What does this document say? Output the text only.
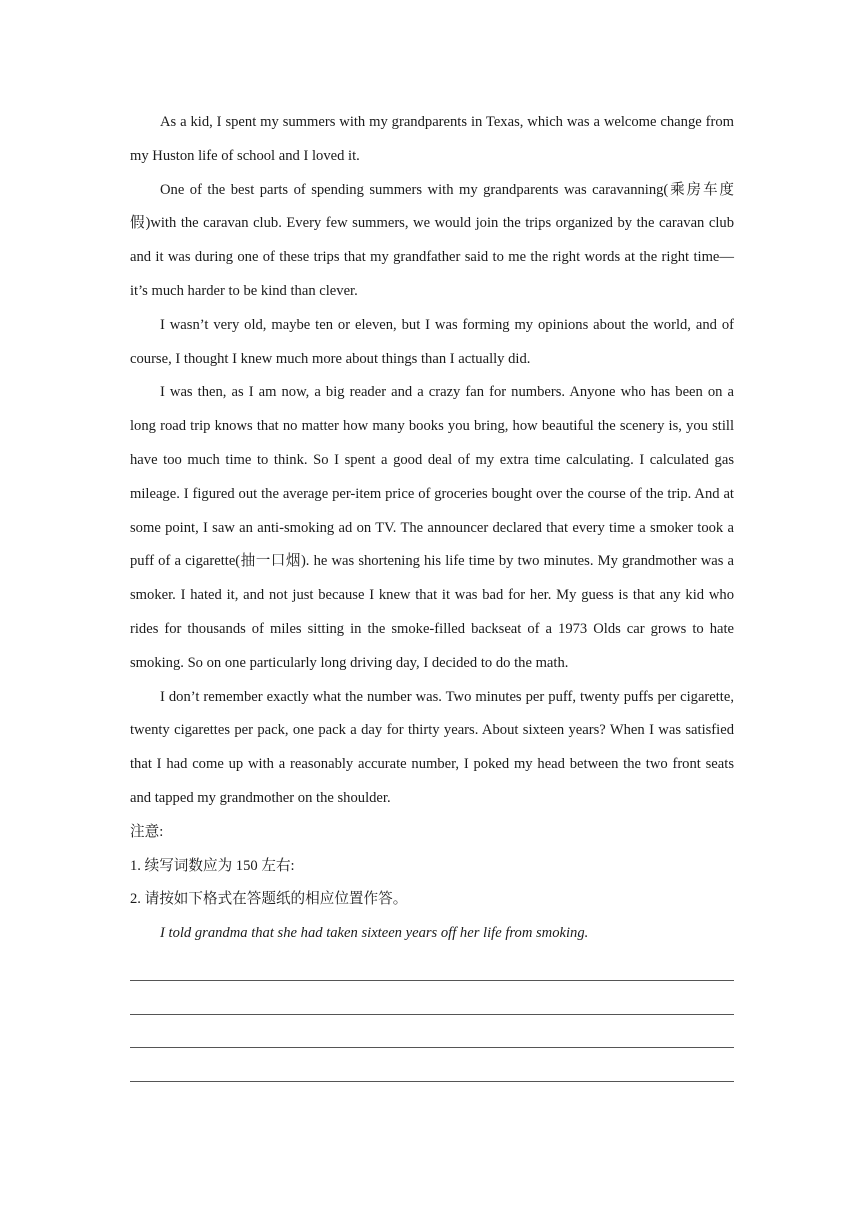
As a kid, I spent my summers with my grandparents in Texas, which was a welcome change from my Huston life of school and I loved it.

One of the best parts of spending summers with my grandparents was caravanning(乘房车度假)with the caravan club. Every few summers, we would join the trips organized by the caravan club and it was during one of these trips that my grandfather said to me the right words at the right time—it’s much harder to be kind than clever.

I wasn’t very old, maybe ten or eleven, but I was forming my opinions about the world, and of course, I thought I knew much more about things than I actually did.

I was then, as I am now, a big reader and a crazy fan for numbers. Anyone who has been on a long road trip knows that no matter how many books you bring, how beautiful the scenery is, you still have too much time to think. So I spent a good deal of my extra time calculating. I calculated gas mileage. I figured out the average per-item price of groceries bought over the course of the trip. And at some point, I saw an anti-smoking ad on TV. The announcer declared that every time a smoker took a puff of a cigarette(抽一口烟). he was shortening his life time by two minutes. My grandmother was a smoker. I hated it, and not just because I knew that it was bad for her. My guess is that any kid who rides for thousands of miles sitting in the smoke-filled backseat of a 1973 Olds car grows to hate smoking. So on one particularly long driving day, I decided to do the math.

I don’t remember exactly what the number was. Two minutes per puff, twenty puffs per cigarette, twenty cigarettes per pack, one pack a day for thirty years. About sixteen years? When I was satisfied that I had come up with a reasonably accurate number, I poked my head between the two front seats and tapped my grandmother on the shoulder.

注意:

1. 续写词数应为 150 左右:

2. 请按如下格式在答题纸的相应位置作答。

I told grandma that she had taken sixteen years off her life from smoking.
